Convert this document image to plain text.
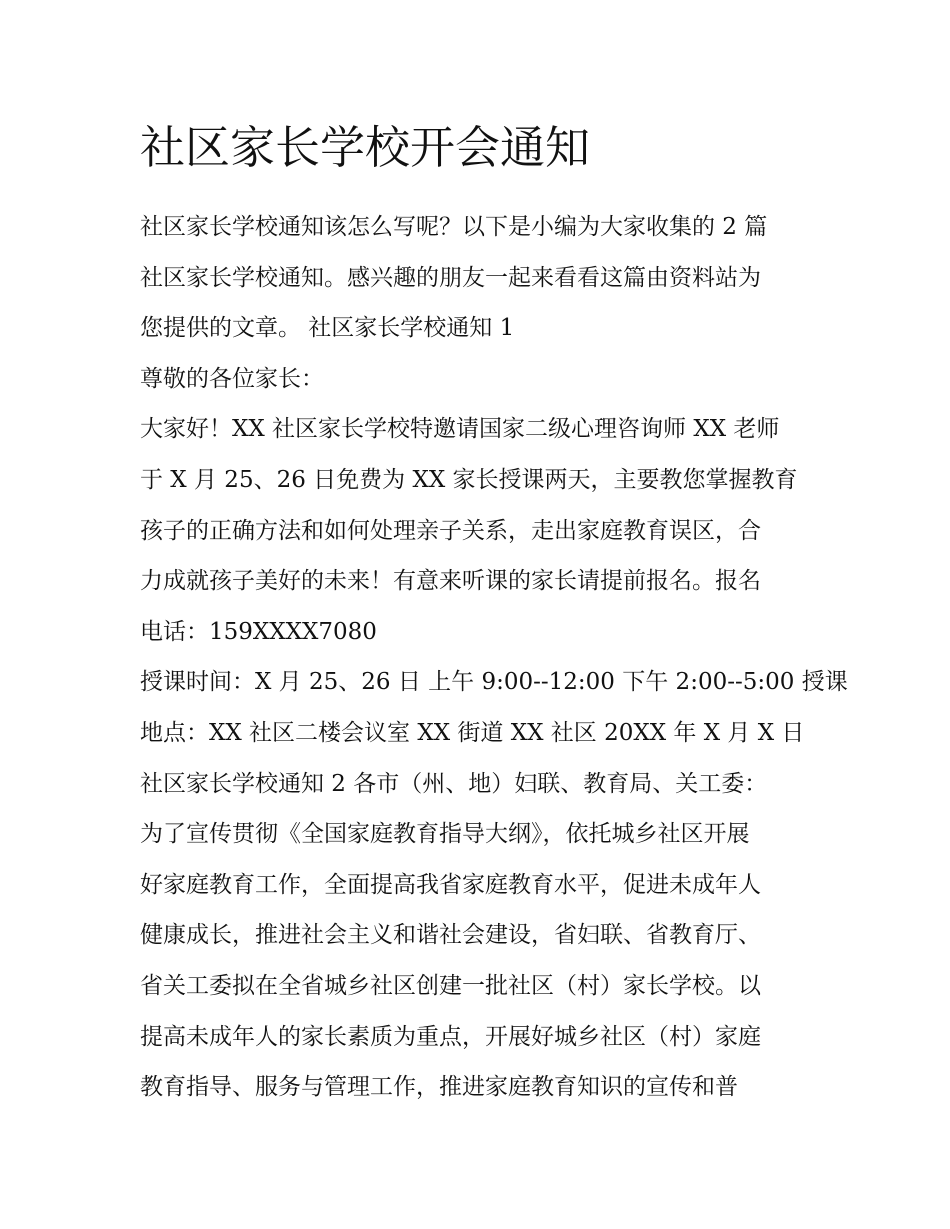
社区家长学校开会通知

社区家长学校通知该怎么写呢？以下是小编为大家收集的 2 篇

社区家长学校通知。感兴趣的朋友一起来看看这篇由资料站为

您提供的文章。 社区家长学校通知 1

尊敬的各位家长：

大家好！XX 社区家长学校特邀请国家二级心理咨询师 XX 老师

于 X 月 25、26 日免费为 XX 家长授课两天，主要教您掌握教育

孩子的正确方法和如何处理亲子关系，走出家庭教育误区，合

力成就孩子美好的未来！有意来听课的家长请提前报名。报名

电话：159XXXX7080

授课时间：X 月 25、26 日 上午 9:00--12:00 下午 2:00--5:00 授课

地点：XX 社区二楼会议室 XX 街道 XX 社区 20XX 年 X 月 X 日

社区家长学校通知 2 各市（州、地）妇联、教育局、关工委：

为了宣传贯彻《全国家庭教育指导大纲》，依托城乡社区开展

好家庭教育工作，全面提高我省家庭教育水平，促进未成年人

健康成长，推进社会主义和谐社会建设，省妇联、省教育厅、

省关工委拟在全省城乡社区创建一批社区（村）家长学校。以

提高未成年人的家长素质为重点，开展好城乡社区（村）家庭

教育指导、服务与管理工作，推进家庭教育知识的宣传和普
